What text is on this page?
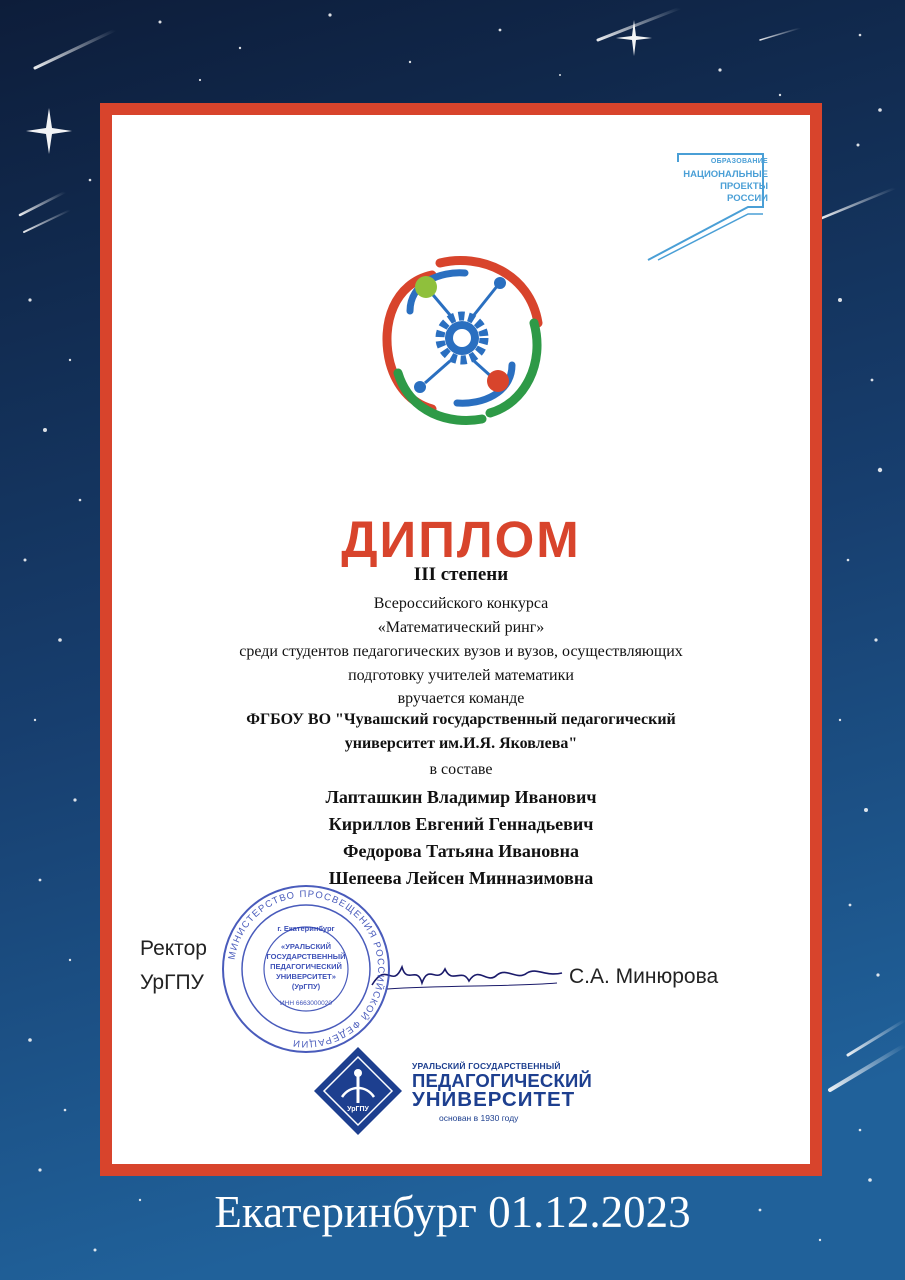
ОБРАЗОВАНИЕ
НАЦИОНАЛЬНЫЕ
ПРОЕКТЫ
РОССИИ
ДИПЛОМ
III степени
Всероссийского конкурса
«Математический ринг»
среди студентов педагогических вузов и вузов, осуществляющих
подготовку учителей математики
вручается команде
ФГБОУ ВО "Чувашский государственный педагогический
университет им.И.Я. Яковлева"
в составе
Лапташкин Владимир Иванович
Кириллов Евгений Геннадьевич
Федорова Татьяна Ивановна
Шепеева Лейсен Минназимовна
Ректор
УрГПУ	С.А. Минюрова
МИНИСТЕРСТВО ПРОСВЕЩЕНИЯ РОССИЙСКОЙ ФЕДЕРАЦИИ
г. Екатеринбург
«УРАЛЬСКИЙ
ГОСУДАРСТВЕННЫЙ
ПЕДАГОГИЧЕСКИЙ
УНИВЕРСИТЕТ»
(УрГПУ)
ИНН 6663000020
УрГПУ
УРАЛЬСКИЙ ГОСУДАРСТВЕННЫЙ
ПЕДАГОГИЧЕСКИЙ
УНИВЕРСИТЕТ
основан в 1930 году
Екатеринбург 01.12.2023
